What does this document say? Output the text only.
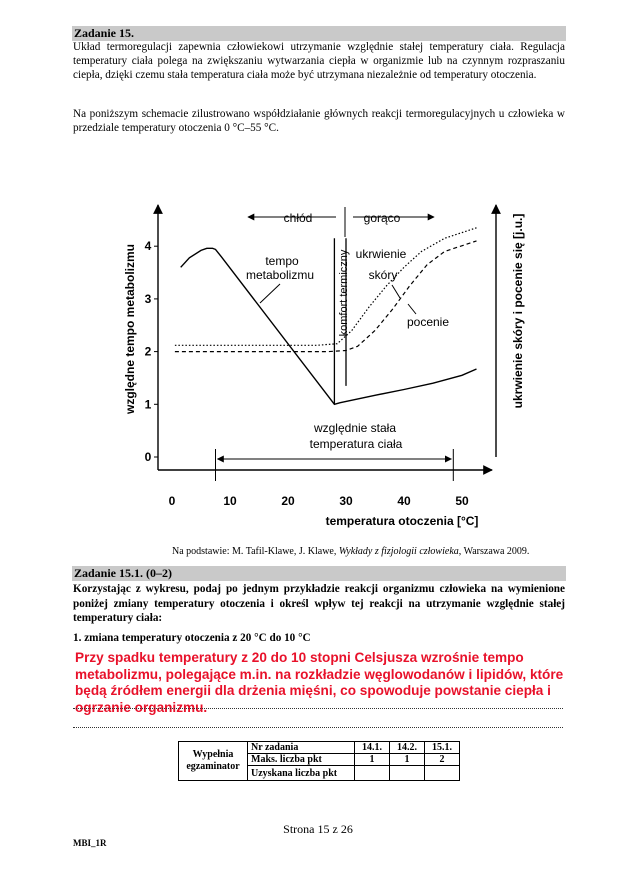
Zadanie 15.

Układ termoregulacji zapewnia człowiekowi utrzymanie względnie stałej temperatury ciała. Regulacja temperatury ciała polega na zwiększaniu wytwarzania ciepła w organizmie lub na czynnym rozpraszaniu ciepła, dzięki czemu stała temperatura ciała może być utrzymana niezależnie od temperatury otoczenia.

Na poniższym schemacie zilustrowano współdziałanie głównych reakcji termoregulacyjnych u człowieka w przedziale temperatury otoczenia 0 °C–55 °C.

0
1
2
3
4
0	10	20	30	40	50
chłód	gorąco
tempo
metabolizmu komfort termiczny ukrwienie
skóry
pocenie
względnie stała
temperatura ciała
temperatura otoczenia [°C]
względne tempo metabolizmu	ukrwienie skóry i pocenie się [j.u.]
Na podstawie: M. Tafil-Klawe, J. Klawe, Wykłady z fizjologii człowieka, Warszawa 2009.
Zadanie 15.1. (0–2)

Korzystając z wykresu, podaj po jednym przykładzie reakcji organizmu człowieka na wymienione poniżej zmiany temperatury otoczenia i określ wpływ tej reakcji na utrzymanie względnie stałej temperatury ciała:

1. zmiana temperatury otoczenia z 20 °C do 10 °C

Przy spadku temperatury z 20 do 10 stopni Celsjusza wzrośnie tempo metabolizmu, polegające m.in. na rozkładzie węglowodanów i lipidów, które będą źródłem energii dla drżenia mięśni, co spowoduje powstanie ciepła i ogrzanie organizmu.

Wypełnia
egzaminator	Nr zadania	14.1.	14.2.	15.1.
	Maks. liczba pkt	1	1	2
	Uzyskana liczba pkt			
Strona 15 z 26
MBI_1R
